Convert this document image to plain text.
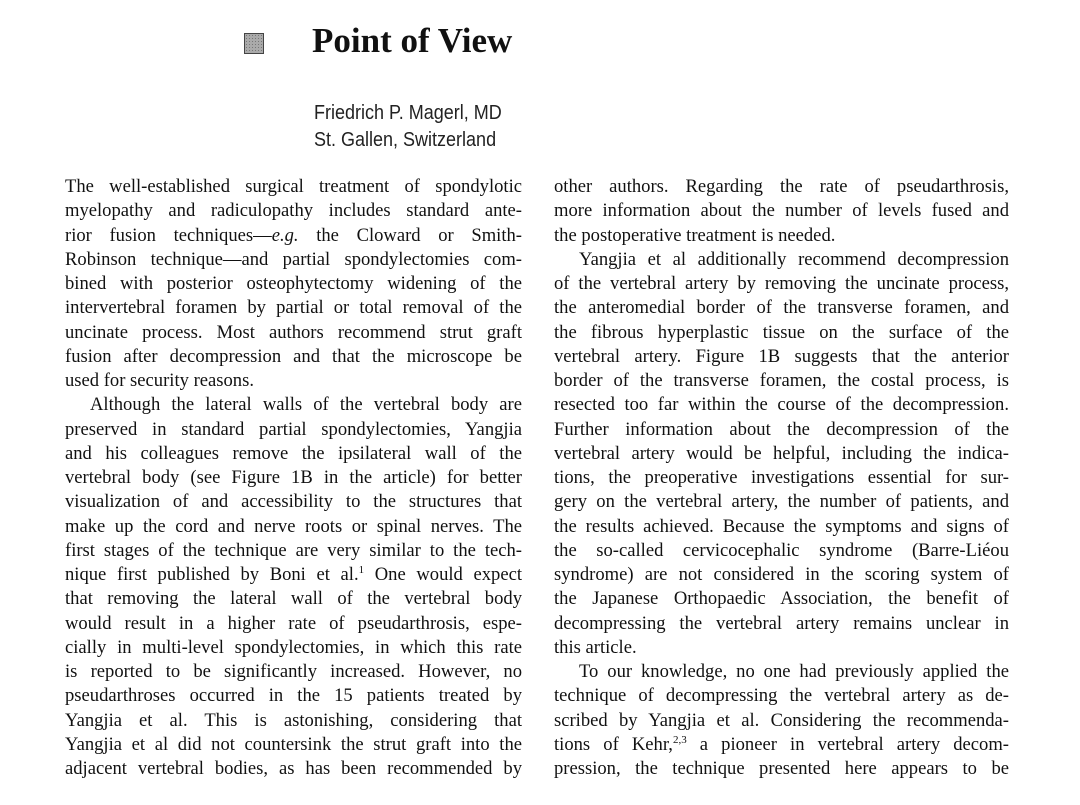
Point of View
Friedrich P. Magerl, MD
St. Gallen, Switzerland
The well-established surgical treatment of spondylotic
myelopathy and radiculopathy includes standard ante-
rior fusion techniques—e.g. the Cloward or Smith-
Robinson technique—and partial spondylectomies com-
bined with posterior osteophytectomy widening of the
intervertebral foramen by partial or total removal of the
uncinate process. Most authors recommend strut graft
fusion after decompression and that the microscope be
used for security reasons.
Although the lateral walls of the vertebral body are
preserved in standard partial spondylectomies, Yangjia
and his colleagues remove the ipsilateral wall of the
vertebral body (see Figure 1B in the article) for better
visualization of and accessibility to the structures that
make up the cord and nerve roots or spinal nerves. The
first stages of the technique are very similar to the tech-
nique first published by Boni et al.$^1$ One would expect
that removing the lateral wall of the vertebral body
would result in a higher rate of pseudarthrosis, espe-
cially in multi-level spondylectomies, in which this rate
is reported to be significantly increased. However, no
pseudarthroses occurred in the 15 patients treated by
Yangjia et al. This is astonishing, considering that
Yangjia et al did not countersink the strut graft into the
adjacent vertebral bodies, as has been recommended by
other authors. Regarding the rate of pseudarthrosis,
more information about the number of levels fused and
the postoperative treatment is needed.
Yangjia et al additionally recommend decompression
of the vertebral artery by removing the uncinate process,
the anteromedial border of the transverse foramen, and
the fibrous hyperplastic tissue on the surface of the
vertebral artery. Figure 1B suggests that the anterior
border of the transverse foramen, the costal process, is
resected too far within the course of the decompression.
Further information about the decompression of the
vertebral artery would be helpful, including the indica-
tions, the preoperative investigations essential for sur-
gery on the vertebral artery, the number of patients, and
the results achieved. Because the symptoms and signs of
the so-called cervicocephalic syndrome (Barre-Liéou
syndrome) are not considered in the scoring system of
the Japanese Orthopaedic Association, the benefit of
decompressing the vertebral artery remains unclear in
this article.
To our knowledge, no one had previously applied the
technique of decompressing the vertebral artery as de-
scribed by Yangjia et al. Considering the recommenda-
tions of Kehr,$^{2,3}$ a pioneer in vertebral artery decom-
pression, the technique presented here appears to be
